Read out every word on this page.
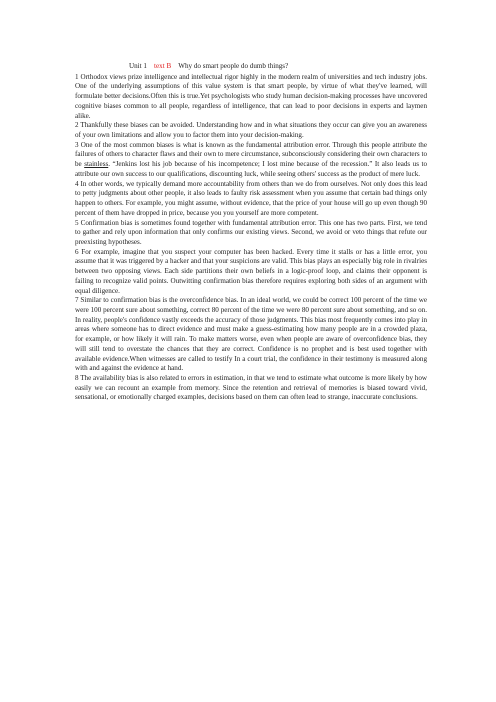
Unit 1 text B Why do smart people do dumb things?

1 Orthodox views prize intelligence and intellectual rigor highly in the modern realm of universities and tech industry jobs. One of the underlying assumptions of this value system is that smart people, by virtue of what they've learned, will formulate better decisions.Often this is true.Yet psychologists who study human decision-making processes have uncovered cognitive biases common to all people, regardless of intelligence, that can lead to poor decisions in experts and laymen alike.

2 Thankfully these biases can be avoided. Understanding how and in what situations they occur can give you an awareness of your own limitations and allow you to factor them into your decision-making.

3 One of the most common biases is what is known as the fundamental attribution error. Through this people attribute the failures of others to character flaws and their own to mere circumstance, subconsciously considering their own characters to be stainless. “Jenkins lost his job because of his incompetence; I lost mine because of the recession.” It also leads us to attribute our own success to our qualifications, discounting luck, while seeing others' success as the product of mere luck.

4 In other words, we typically demand more accountability from others than we do from ourselves. Not only does this lead to petty judgments about other people, it also leads to faulty risk assessment when you assume that certain bad things only happen to others. For example, you might assume, without evidence, that the price of your house will go up even though 90 percent of them have dropped in price, because you you yourself are more competent.

5 Confirmation bias is sometimes found together with fundamental attribution error. This one has two parts. First, we tend to gather and rely upon information that only confirms our existing views. Second, we avoid or veto things that refute our preexisting hypotheses.

6 For example, imagine that you suspect your computer has been hacked. Every time it stalls or has a little error, you assume that it was triggered by a hacker and that your suspicions are valid. This bias plays an especially big role in rivalries between two opposing views. Each side partitions their own beliefs in a logic-proof loop, and claims their opponent is failing to recognize valid points. Outwitting confirmation bias therefore requires exploring both sides of an argument with equal diligence.

7 Similar to confirmation bias is the overconfidence bias. In an ideal world, we could be correct 100 percent of the time we were 100 percent sure about something, correct 80 percent of the time we were 80 percent sure about something, and so on. In reality, people's confidence vastly exceeds the accuracy of those judgments. This bias most frequently comes into play in areas where someone has to direct evidence and must make a guess-estimating how many people are in a crowded plaza, for example, or how likely it will rain. To make matters worse, even when people are aware of overconfidence bias, they will still tend to overstate the chances that they are correct. Confidence is no prophet and is best used together with available evidence.When witnesses are called to testify In a court trial, the confidence in their testimony is measured along with and against the evidence at hand.

8 The availability bias is also related to errors in estimation, in that we tend to estimate what outcome is more likely by how easily we can recount an example from memory. Since the retention and retrieval of memories is biased toward vivid, sensational, or emotionally charged examples, decisions based on them can often lead to strange, inaccurate conclusions.
